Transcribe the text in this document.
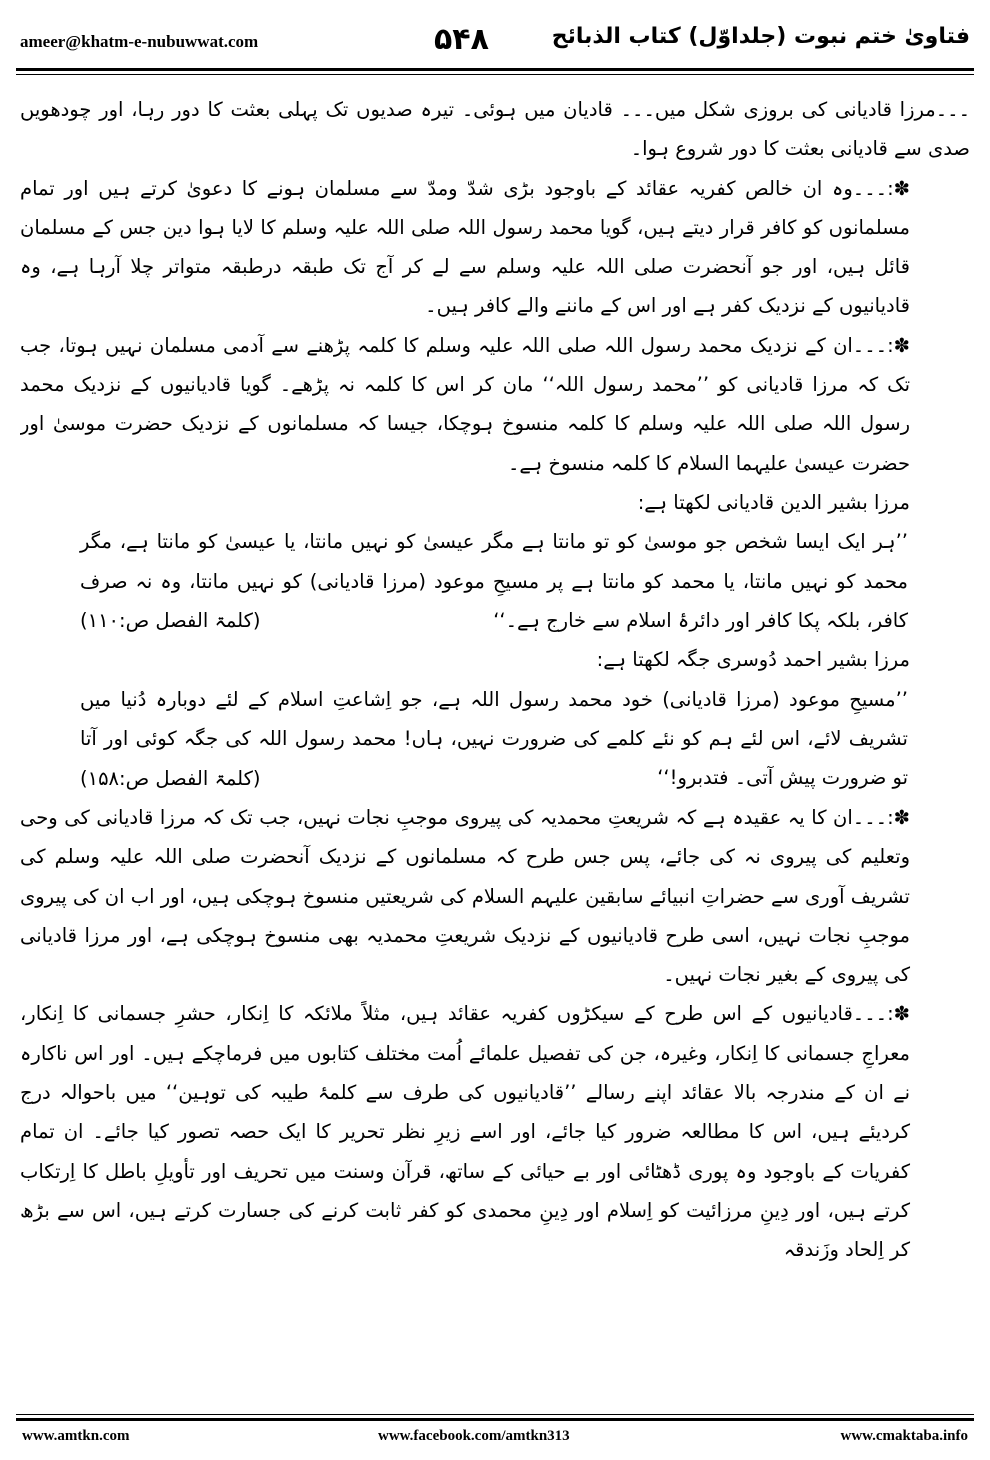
ameer@khatm-e-nubuwwat.com	۵۴۸	فتاویٰ ختم نبوت (جلداوّل) کتاب الذبائح

۔۔۔مرزا قادیانی کی بروزی شکل میں۔۔۔ قادیان میں ہوئی۔ تیرہ صدیوں تک پہلی بعثت کا دور رہا، اور چودھویں صدی سے قادیانی بعثت کا دور شروع ہوا۔

✽:۔۔۔وہ ان خالص کفریہ عقائد کے باوجود بڑی شدّ ومدّ سے مسلمان ہونے کا دعویٰ کرتے ہیں اور تمام مسلمانوں کو کافر قرار دیتے ہیں، گویا محمد رسول اللہ صلی اللہ علیہ وسلم کا لایا ہوا دین جس کے مسلمان قائل ہیں، اور جو آنحضرت صلی اللہ علیہ وسلم سے لے کر آج تک طبقہ درطبقہ متواتر چلا آرہا ہے، وہ قادیانیوں کے نزدیک کفر ہے اور اس کے ماننے والے کافر ہیں۔

✽:۔۔۔ان کے نزدیک محمد رسول اللہ صلی اللہ علیہ وسلم کا کلمہ پڑھنے سے آدمی مسلمان نہیں ہوتا، جب تک کہ مرزا قادیانی کو ’’محمد رسول اللہ‘‘ مان کر اس کا کلمہ نہ پڑھے۔ گویا قادیانیوں کے نزدیک محمد رسول اللہ صلی اللہ علیہ وسلم کا کلمہ منسوخ ہوچکا، جیسا کہ مسلمانوں کے نزدیک حضرت موسیٰ اور حضرت عیسیٰ علیہما السلام کا کلمہ منسوخ ہے۔

مرزا بشیر الدین قادیانی لکھتا ہے:

’’ہر ایک ایسا شخص جو موسیٰ کو تو مانتا ہے مگر عیسیٰ کو نہیں مانتا، یا عیسیٰ کو مانتا ہے، مگر محمد کو نہیں مانتا، یا محمد کو مانتا ہے پر مسیحِ موعود (مرزا قادیانی) کو نہیں مانتا، وہ نہ صرف کافر، بلکہ پکا کافر اور دائرۂ اسلام سے خارج ہے۔‘‘
(کلمۃ الفصل ص:۱۱۰)

مرزا بشیر احمد دُوسری جگہ لکھتا ہے:

’’مسیحِ موعود (مرزا قادیانی) خود محمد رسول اللہ ہے، جو اِشاعتِ اسلام کے لئے دوبارہ دُنیا میں تشریف لائے، اس لئے ہم کو نئے کلمے کی ضرورت نہیں، ہاں! محمد رسول اللہ کی جگہ کوئی اور آتا تو ضرورت پیش آتی۔ فتدبرو!‘‘
(کلمۃ الفصل ص:۱۵۸)

✽:۔۔۔ان کا یہ عقیدہ ہے کہ شریعتِ محمدیہ کی پیروی موجبِ نجات نہیں، جب تک کہ مرزا قادیانی کی وحی وتعلیم کی پیروی نہ کی جائے، پس جس طرح کہ مسلمانوں کے نزدیک آنحضرت صلی اللہ علیہ وسلم کی تشریف آوری سے حضراتِ انبیائے سابقین علیہم السلام کی شریعتیں منسوخ ہوچکی ہیں، اور اب ان کی پیروی موجبِ نجات نہیں، اسی طرح قادیانیوں کے نزدیک شریعتِ محمدیہ بھی منسوخ ہوچکی ہے، اور مرزا قادیانی کی پیروی کے بغیر نجات نہیں۔

✽:۔۔۔قادیانیوں کے اس طرح کے سیکڑوں کفریہ عقائد ہیں، مثلاً ملائکہ کا اِنکار، حشرِ جسمانی کا اِنکار، معراجِ جسمانی کا اِنکار، وغیرہ، جن کی تفصیل علمائے اُمت مختلف کتابوں میں فرماچکے ہیں۔ اور اس ناکارہ نے ان کے مندرجہ بالا عقائد اپنے رسالے ’’قادیانیوں کی طرف سے کلمۂ طیبہ کی توہین‘‘ میں باحوالہ درج کردیئے ہیں، اس کا مطالعہ ضرور کیا جائے، اور اسے زیرِ نظر تحریر کا ایک حصہ تصور کیا جائے۔ ان تمام کفریات کے باوجود وہ پوری ڈھٹائی اور بے حیائی کے ساتھ، قرآن وسنت میں تحریف اور تأویلِ باطل کا اِرتکاب کرتے ہیں، اور دِینِ مرزائیت کو اِسلام اور دِینِ محمدی کو کفر ثابت کرنے کی جسارت کرتے ہیں، اس سے بڑھ کر اِلحاد وزَندقہ

www.amtkn.com	www.facebook.com/amtkn313	www.cmaktaba.info
